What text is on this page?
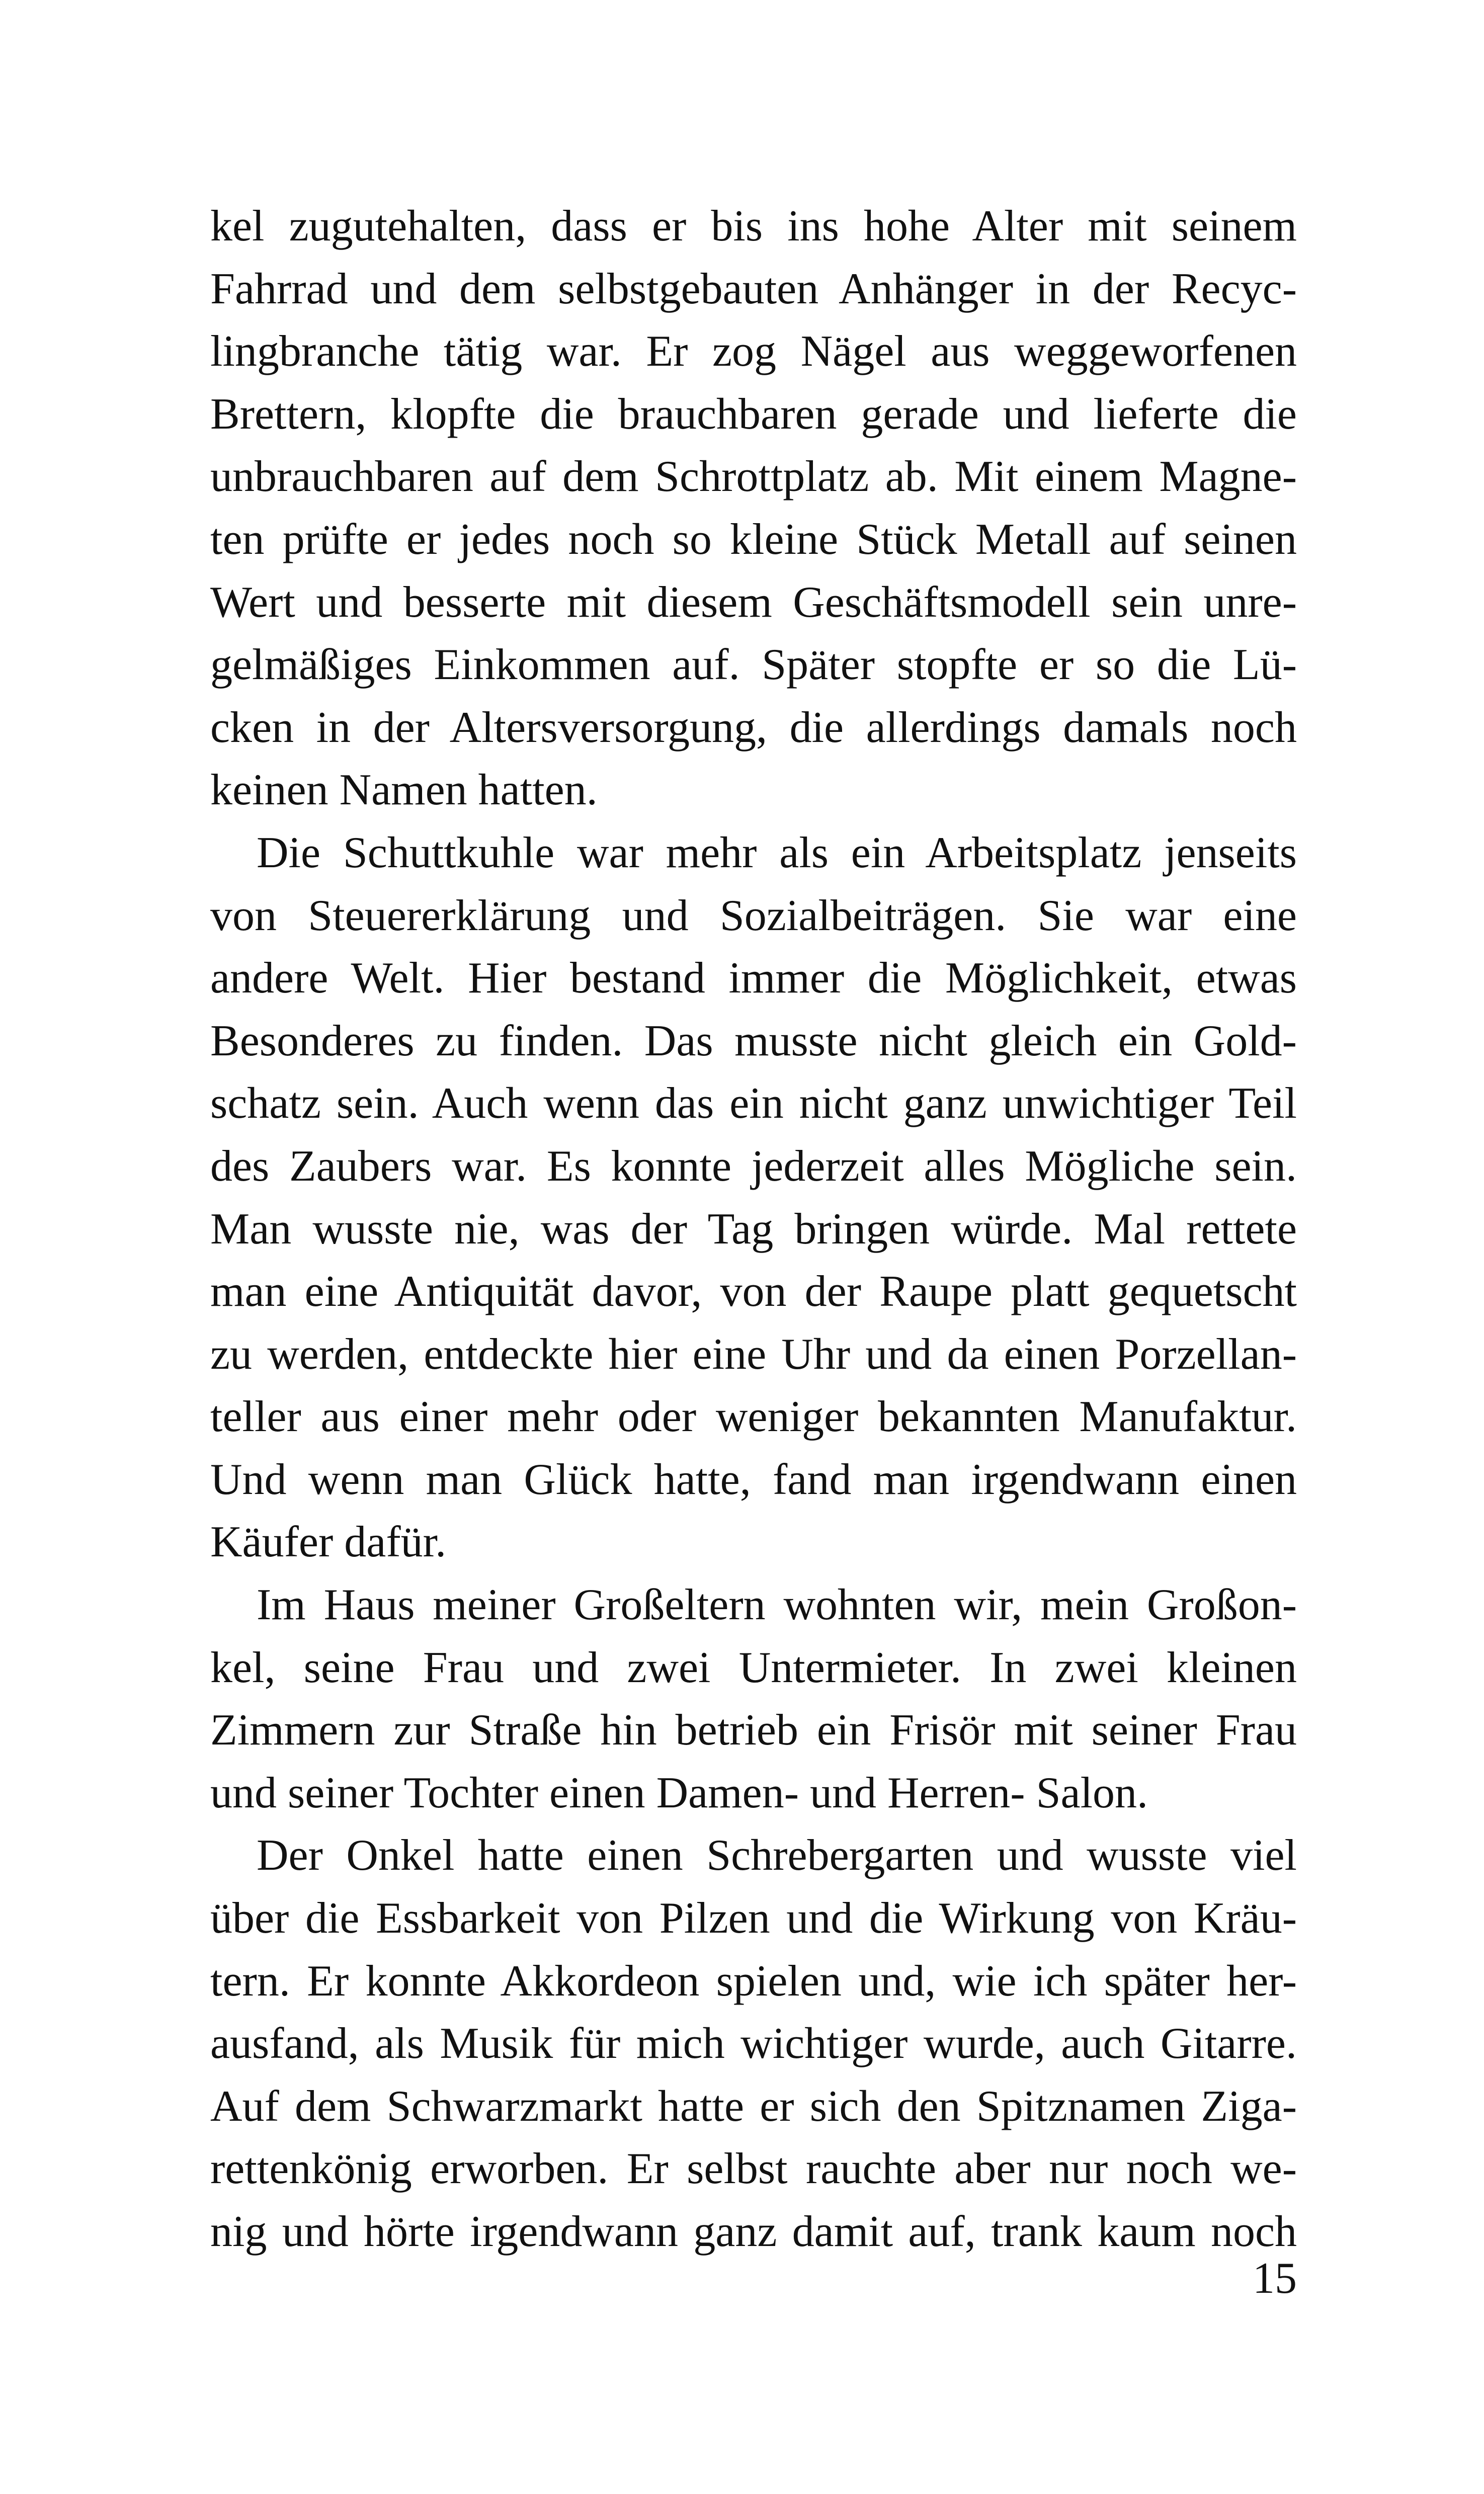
kel zugutehalten, dass er bis ins hohe Alter mit seinem
Fahrrad und dem selbstgebauten Anhänger in der Recyc-
lingbranche tätig war. Er zog Nägel aus weggeworfenen
Brettern, klopfte die brauchbaren gerade und lieferte die
unbrauchbaren auf dem Schrottplatz ab. Mit einem Magne-
ten prüfte er jedes noch so kleine Stück Metall auf seinen
Wert und besserte mit diesem Geschäftsmodell sein unre-
gelmäßiges Einkommen auf. Später stopfte er so die Lü-
cken in der Altersversorgung, die allerdings damals noch
keinen Namen hatten.
Die Schuttkuhle war mehr als ein Arbeitsplatz jenseits
von Steuererklärung und Sozialbeiträgen. Sie war eine
andere Welt. Hier bestand immer die Möglichkeit, etwas
Besonderes zu finden. Das musste nicht gleich ein Gold-
schatz sein. Auch wenn das ein nicht ganz unwichtiger Teil
des Zaubers war. Es konnte jederzeit alles Mögliche sein.
Man wusste nie, was der Tag bringen würde. Mal rettete
man eine Antiquität davor, von der Raupe platt gequetscht
zu werden, entdeckte hier eine Uhr und da einen Porzellan-
teller aus einer mehr oder weniger bekannten Manufaktur.
Und wenn man Glück hatte, fand man irgendwann einen
Käufer dafür.
Im Haus meiner Großeltern wohnten wir, mein Großon-
kel, seine Frau und zwei Untermieter. In zwei kleinen
Zimmern zur Straße hin betrieb ein Frisör mit seiner Frau
und seiner Tochter einen Damen- und Herren- Salon.
Der Onkel hatte einen Schrebergarten und wusste viel
über die Essbarkeit von Pilzen und die Wirkung von Kräu-
tern. Er konnte Akkordeon spielen und, wie ich später her-
ausfand, als Musik für mich wichtiger wurde, auch Gitarre.
Auf dem Schwarzmarkt hatte er sich den Spitznamen Ziga-
rettenkönig erworben. Er selbst rauchte aber nur noch we-
nig und hörte irgendwann ganz damit auf, trank kaum noch
15
